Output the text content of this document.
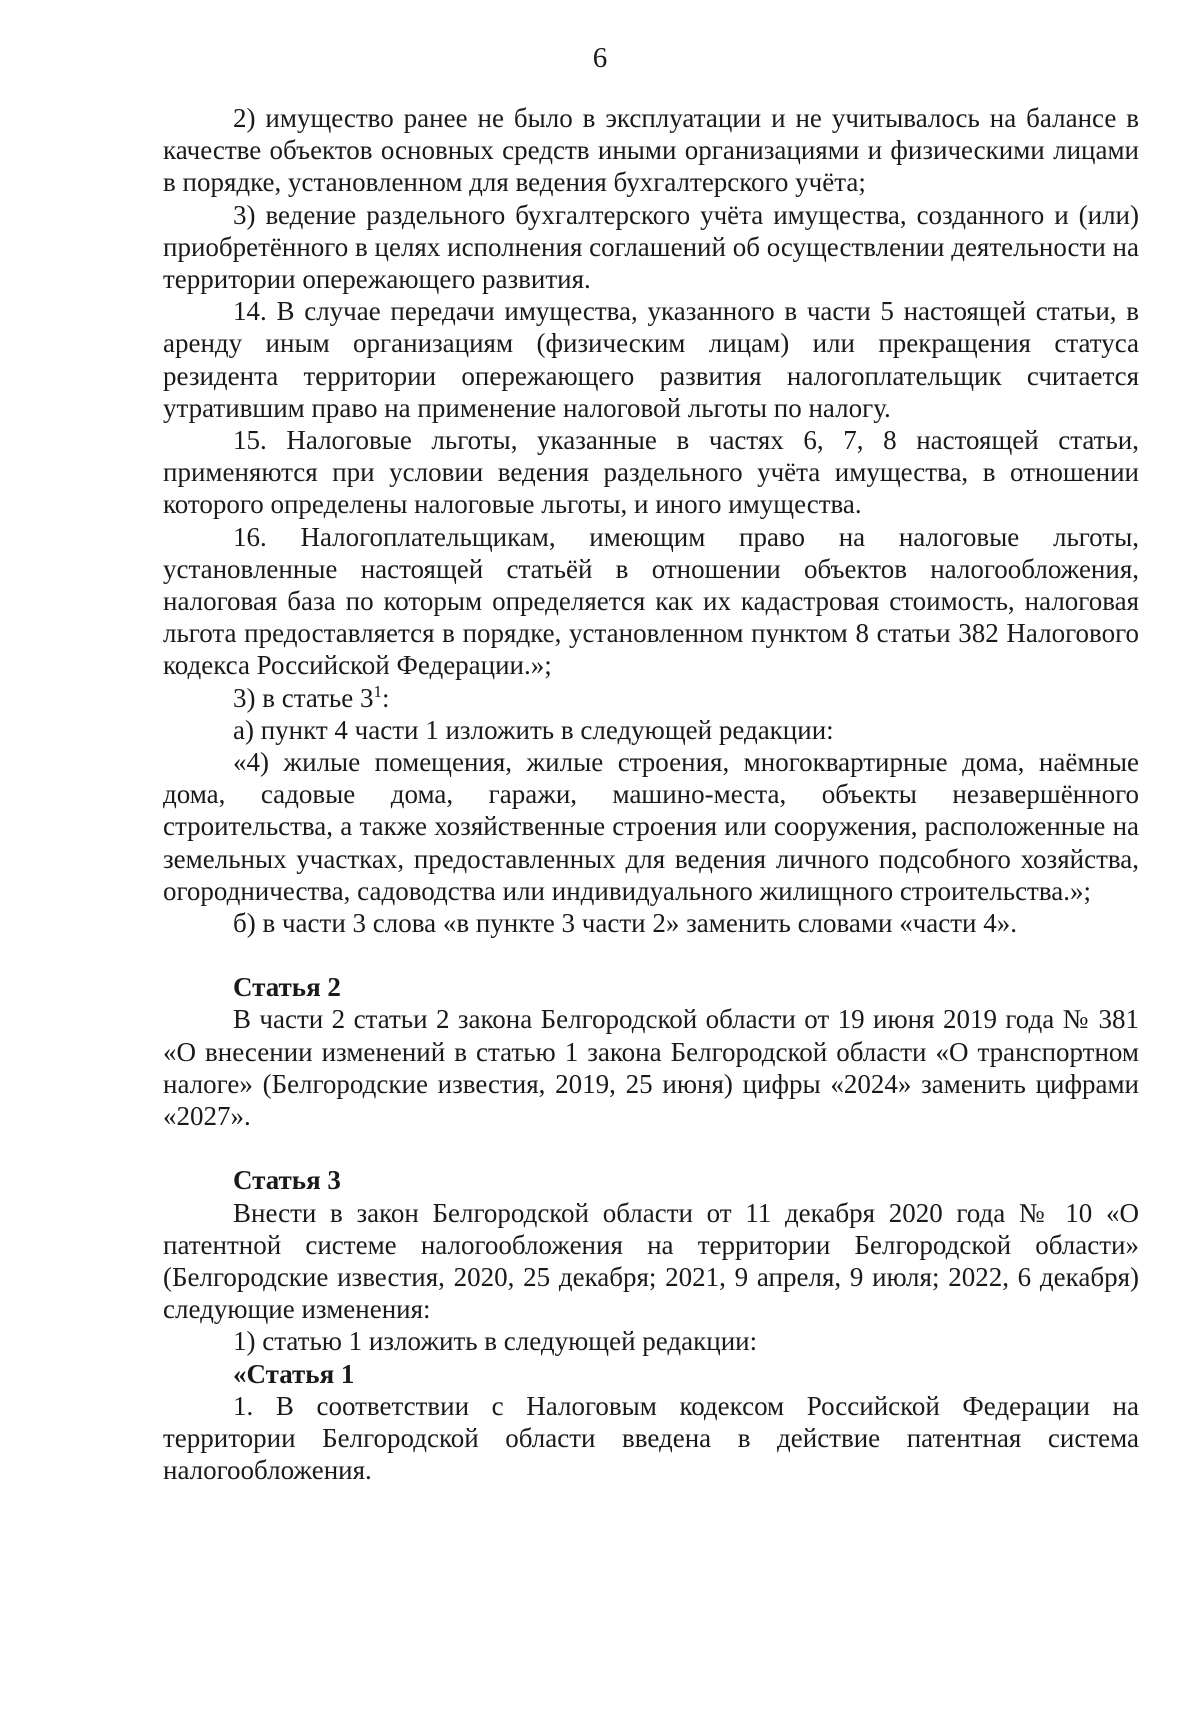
6

2) имущество ранее не было в эксплуатации и не учитывалось на балансе в качестве объектов основных средств иными организациями и физическими лицами в порядке, установленном для ведения бухгалтерского учёта;

3) ведение раздельного бухгалтерского учёта имущества, созданного и (или) приобретённого в целях исполнения соглашений об осуществлении деятельности на территории опережающего развития.

14. В случае передачи имущества, указанного в части 5 настоящей статьи, в аренду иным организациям (физическим лицам) или прекращения статуса резидента территории опережающего развития налогоплательщик считается утратившим право на применение налоговой льготы по налогу.

15. Налоговые льготы, указанные в частях 6, 7, 8 настоящей статьи, применяются при условии ведения раздельного учёта имущества, в отношении которого определены налоговые льготы, и иного имущества.

16. Налогоплательщикам, имеющим право на налоговые льготы, установленные настоящей статьёй в отношении объектов налогообложения, налоговая база по которым определяется как их кадастровая стоимость, налоговая льгота предоставляется в порядке, установленном пунктом 8 статьи 382 Налогового кодекса Российской Федерации.»;

3) в статье $3^1$:

а) пункт 4 части 1 изложить в следующей редакции:

«4) жилые помещения, жилые строения, многоквартирные дома, наёмные дома, садовые дома, гаражи, машино-места, объекты незавершённого строительства, а также хозяйственные строения или сооружения, расположенные на земельных участках, предоставленных для ведения личного подсобного хозяйства, огородничества, садоводства или индивидуального жилищного строительства.»;

б) в части 3 слова «в пункте 3 части 2» заменить словами «части 4».

Статья 2

В части 2 статьи 2 закона Белгородской области от 19 июня 2019 года № 381 «О внесении изменений в статью 1 закона Белгородской области «О транспортном налоге» (Белгородские известия, 2019, 25 июня) цифры «2024» заменить цифрами «2027».

Статья 3

Внести в закон Белгородской области от 11 декабря 2020 года № 10 «О патентной системе налогообложения на территории Белгородской области» (Белгородские известия, 2020, 25 декабря; 2021, 9 апреля, 9 июля; 2022, 6 декабря) следующие изменения:

1) статью 1 изложить в следующей редакции:

«Статья 1

1. В соответствии с Налоговым кодексом Российской Федерации на территории Белгородской области введена в действие патентная система налогообложения.
